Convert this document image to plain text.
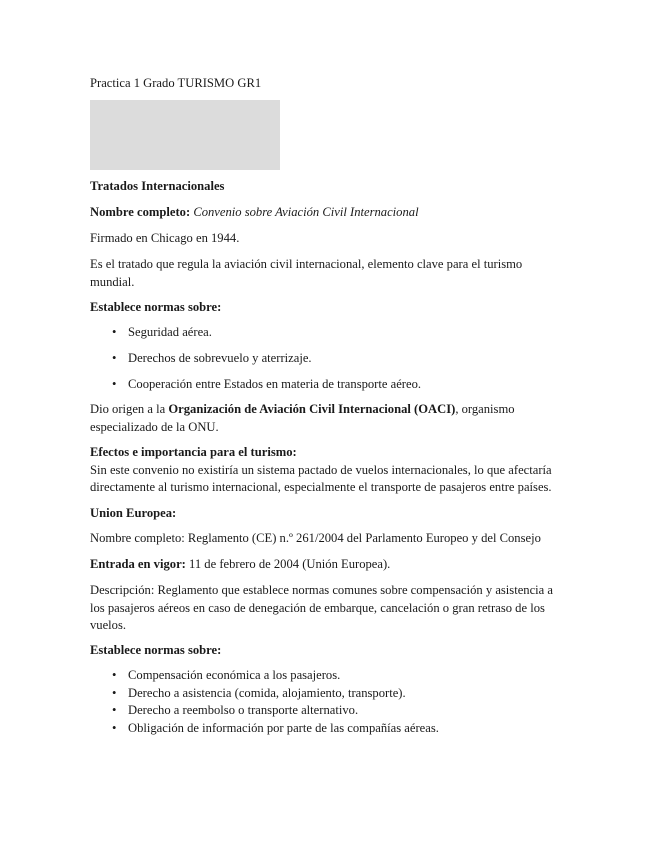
Practica 1 Grado TURISMO GR1

Tratados Internacionales

Nombre completo: Convenio sobre Aviación Civil Internacional

Firmado en Chicago en 1944.

Es el tratado que regula la aviación civil internacional, elemento clave para el turismo mundial.

Establece normas sobre:

• Seguridad aérea.
• Derechos de sobrevuelo y aterrizaje.
• Cooperación entre Estados en materia de transporte aéreo.

Dio origen a la Organización de Aviación Civil Internacional (OACI), organismo especializado de la ONU.

Efectos e importancia para el turismo:
Sin este convenio no existiría un sistema pactado de vuelos internacionales, lo que afectaría directamente al turismo internacional, especialmente el transporte de pasajeros entre países.

Union Europea:

Nombre completo: Reglamento (CE) n.º 261/2004 del Parlamento Europeo y del Consejo

Entrada en vigor: 11 de febrero de 2004 (Unión Europea).

Descripción: Reglamento que establece normas comunes sobre compensación y asistencia a los pasajeros aéreos en caso de denegación de embarque, cancelación o gran retraso de los vuelos.

Establece normas sobre:

• Compensación económica a los pasajeros.
• Derecho a asistencia (comida, alojamiento, transporte).
• Derecho a reembolso o transporte alternativo.
• Obligación de información por parte de las compañías aéreas.
